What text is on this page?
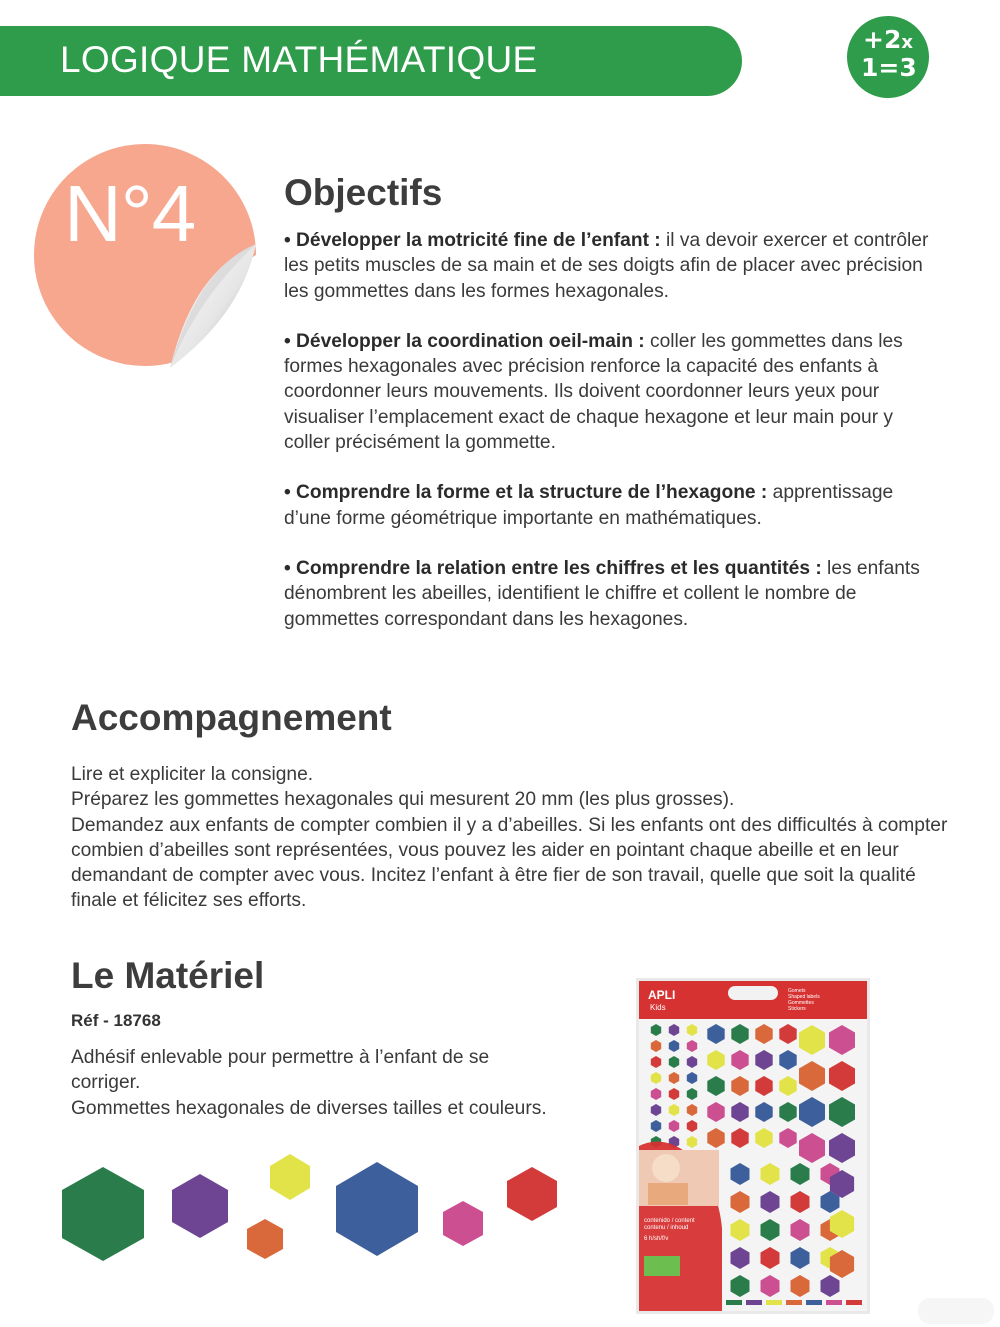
LOGIQUE MATHÉMATIQUE	+2x
1=3
N°4 Objectifs

• Développer la motricité fine de l’enfant : il va devoir exercer et contrôler les petits muscles de sa main et de ses doigts afin de placer avec précision les gommettes dans les formes hexagonales.

• Développer la coordination oeil-main : coller les gommettes dans les formes hexagonales avec précision renforce la capacité des enfants à coordonner leurs mouvements. Ils doivent coordonner leurs yeux pour visualiser l’emplacement exact de chaque hexagone et leur main pour y coller précisément la gommette.

• Comprendre la forme et la structure de l’hexagone : apprentissage d’une forme géométrique importante en mathématiques.

• Comprendre la relation entre les chiffres et les quantités : les enfants dénombrent les abeilles, identifient le chiffre et collent le nombre de gommettes correspondant dans les hexagones.

Accompagnement

Lire et expliciter la consigne.

Préparez les gommettes hexagonales qui mesurent 20 mm (les plus grosses).

Demandez aux enfants de compter combien il y a d’abeilles. Si les enfants ont des difficultés à compter combien d’abeilles sont représentées, vous pouvez les aider en pointant chaque abeille et en leur demandant de compter avec vous. Incitez l’enfant à être fier de son travail, quelle que soit la qualité finale et félicitez ses efforts.

Le Matériel
Réf - 18768

Adhésif enlevable pour permettre à l’enfant de se corriger.

Gommettes hexagonales de diverses tailles et couleurs.

APLI
Kids
Gomets
Shaped labels
Gommettes
Stickers
contenido / content
contenu / inhoud
6 h/sh/f/v
